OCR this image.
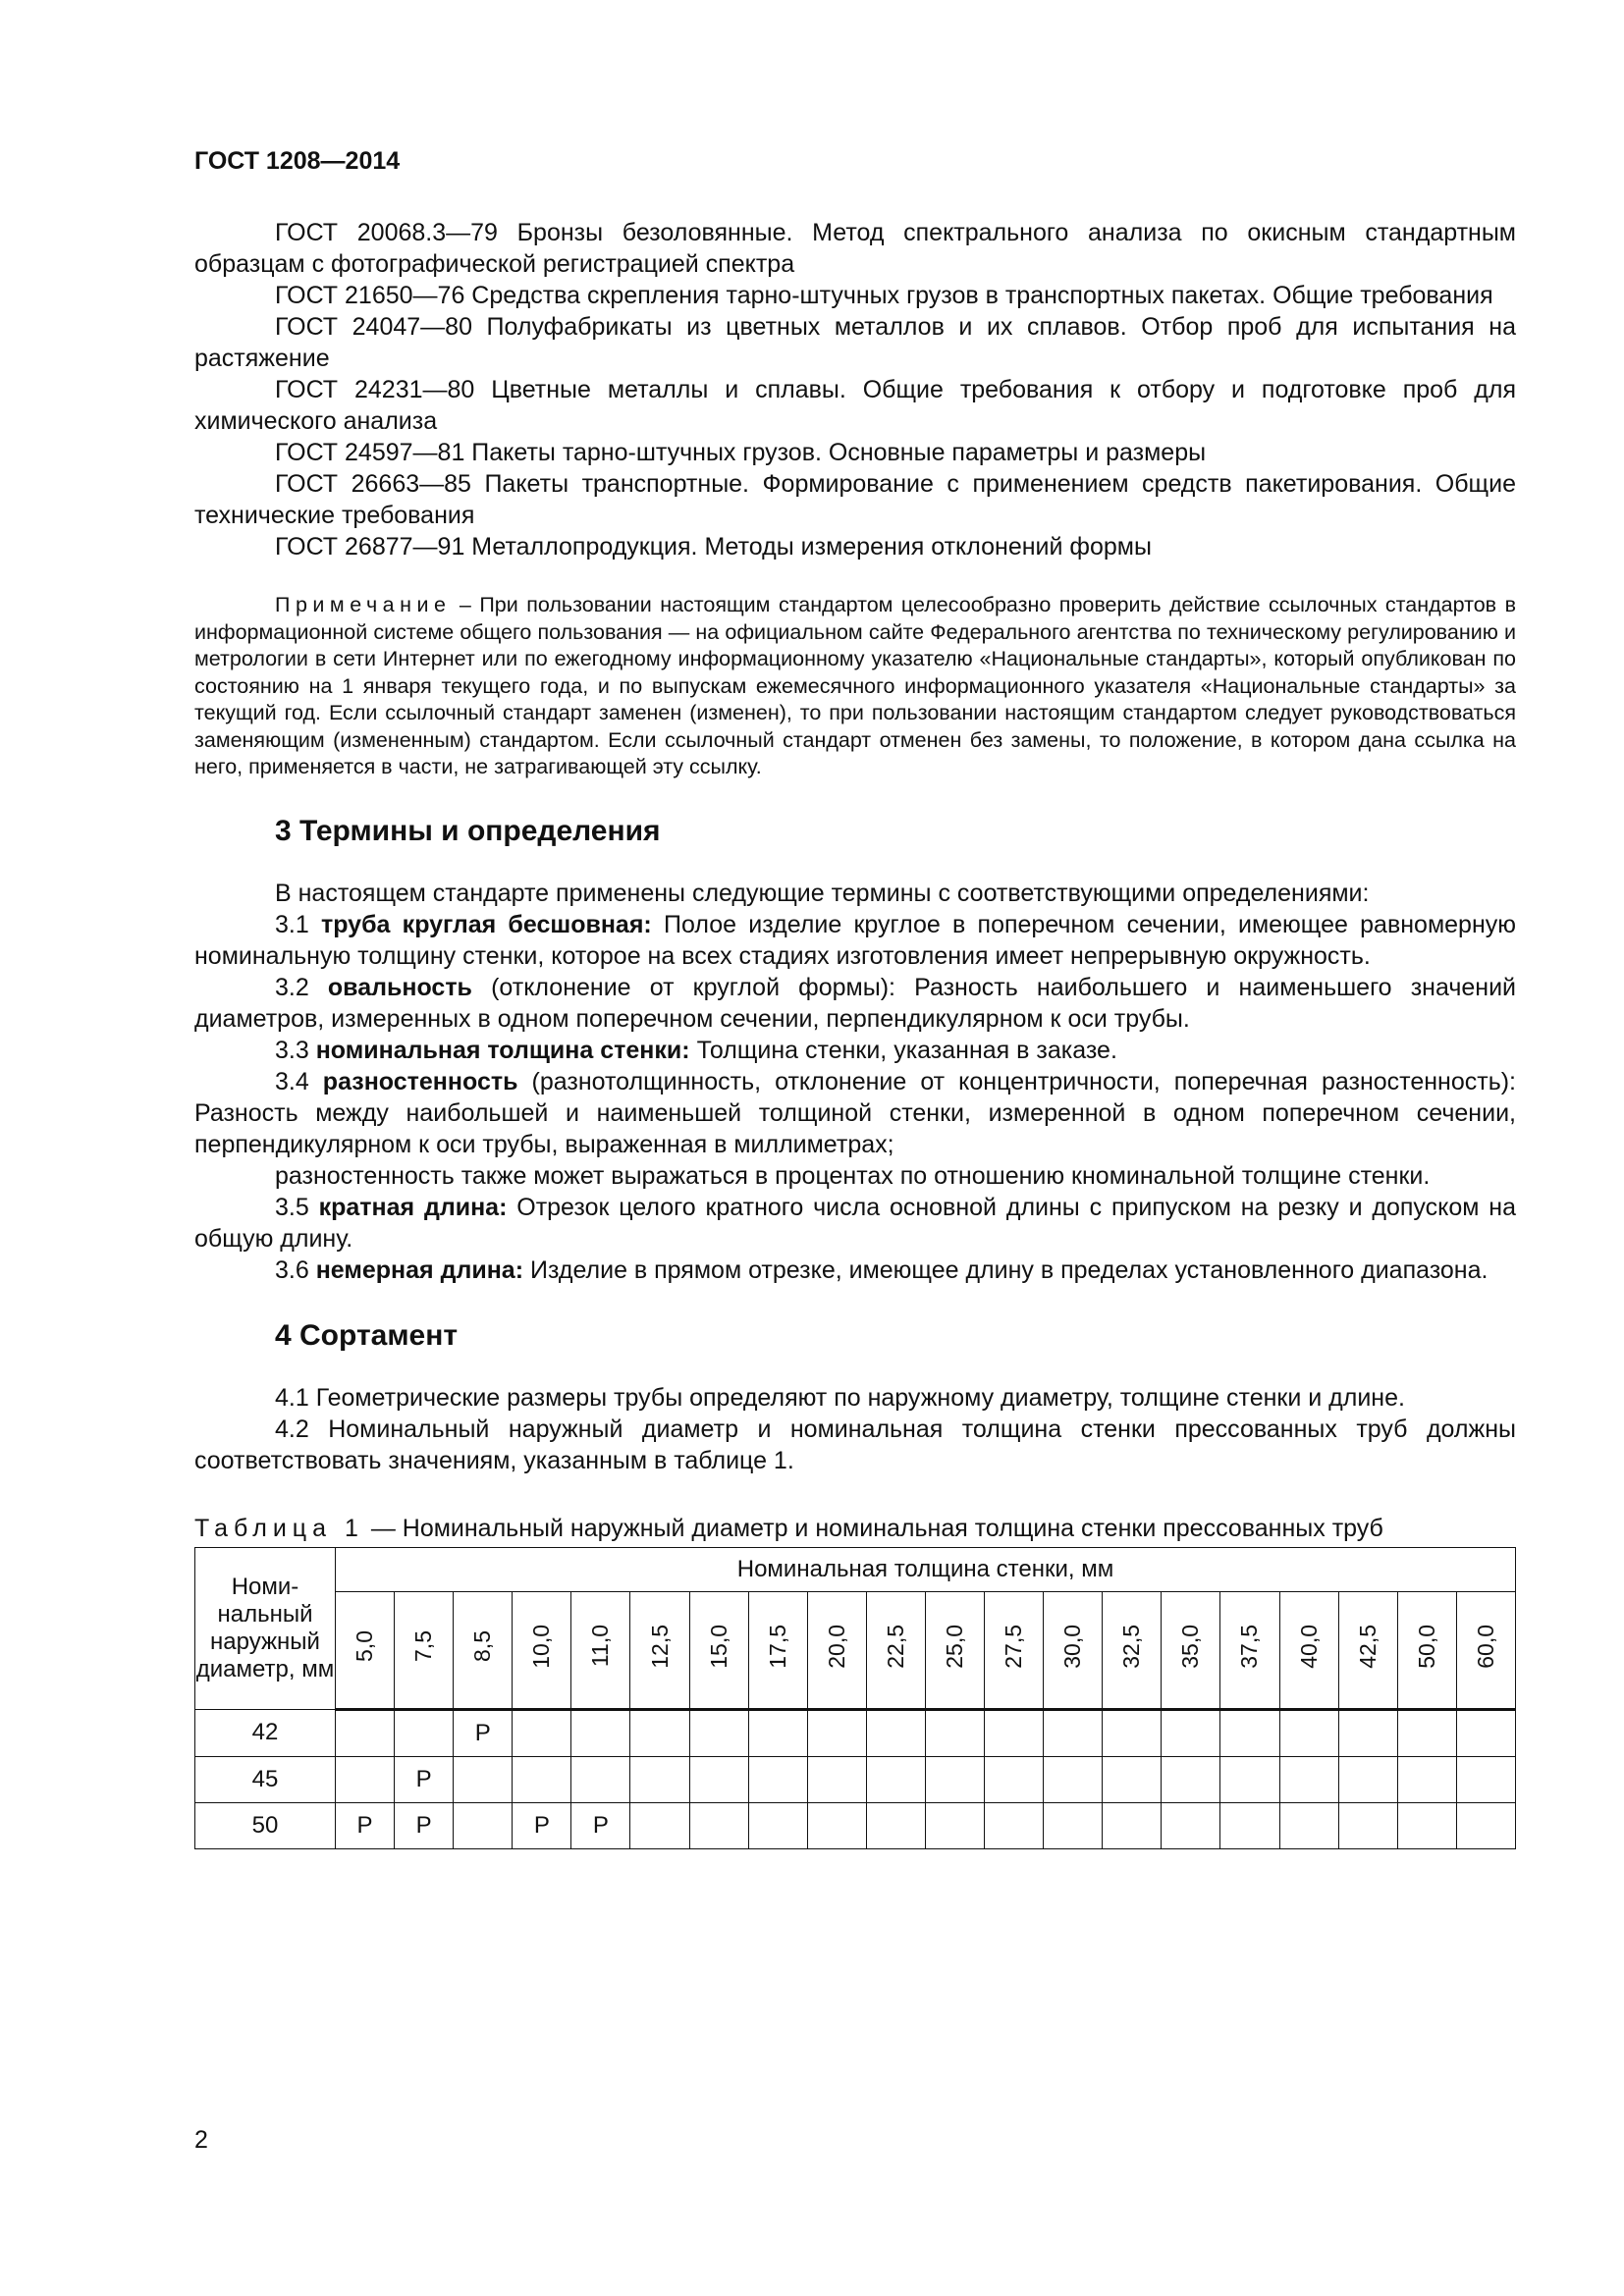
ГОСТ 1208—2014

ГОСТ 20068.3—79 Бронзы безоловянные. Метод спектрального анализа по окисным стандартным образцам с фотографической регистрацией спектра

ГОСТ 21650—76 Средства скрепления тарно-штучных грузов в транспортных пакетах. Общие требования

ГОСТ 24047—80 Полуфабрикаты из цветных металлов и их сплавов. Отбор проб для испытания на растяжение

ГОСТ 24231—80 Цветные металлы и сплавы. Общие требования к отбору и подготовке проб для химического анализа

ГОСТ 24597—81 Пакеты тарно-штучных грузов. Основные параметры и размеры

ГОСТ 26663—85 Пакеты транспортные. Формирование с применением средств пакетирования. Общие технические требования

ГОСТ 26877—91 Металлопродукция. Методы измерения отклонений формы

Примечание – При пользовании настоящим стандартом целесообразно проверить действие ссылочных стандартов в информационной системе общего пользования — на официальном сайте Федерального агентства по техническому регулированию и метрологии в сети Интернет или по ежегодному информационному указателю «Национальные стандарты», который опубликован по состоянию на 1 января текущего года, и по выпускам ежемесячного информационного указателя «Национальные стандарты» за текущий год. Если ссылочный стандарт заменен (изменен), то при пользовании настоящим стандартом следует руководствоваться заменяющим (измененным) стандартом. Если ссылочный стандарт отменен без замены, то положение, в котором дана ссылка на него, применяется в части, не затрагивающей эту ссылку.

3 Термины и определения

В настоящем стандарте применены следующие термины с соответствующими определениями:

3.1 труба круглая бесшовная: Полое изделие круглое в поперечном сечении, имеющее равномерную номинальную толщину стенки, которое на всех стадиях изготовления имеет непрерывную окружность.

3.2 овальность (отклонение от круглой формы): Разность наибольшего и наименьшего значений диаметров, измеренных в одном поперечном сечении, перпендикулярном к оси трубы.

3.3 номинальная толщина стенки: Толщина стенки, указанная в заказе.

3.4 разностенность (разнотолщинность, отклонение от концентричности, поперечная разностенность): Разность между наибольшей и наименьшей толщиной стенки, измеренной в одном поперечном сечении, перпендикулярном к оси трубы, выраженная в миллиметрах;

разностенность также может выражаться в процентах по отношению кноминальной толщине стенки.

3.5 кратная длина: Отрезок целого кратного числа основной длины с припуском на резку и допуском на общую длину.

3.6 немерная длина: Изделие в прямом отрезке, имеющее длину в пределах установленного диапазона.

4 Сортамент

4.1 Геометрические размеры трубы определяют по наружному диаметру, толщине стенки и длине.

4.2 Номинальный наружный диаметр и номинальная толщина стенки прессованных труб должны соответствовать значениям, указанным в таблице 1.

Таблица 1 — Номинальный наружный диаметр и номинальная толщина стенки прессованных труб

Номи-нальный наружный диаметр, мм	Номинальная толщина стенки, мм																			
	5,0	7,5	8,5	10,0	11,0	12,5	15,0	17,5	20,0	22,5	25,0	27,5	30,0	32,5	35,0	37,5	40,0	42,5	50,0	60,0
42			Р																	
45		Р																		
50	Р	Р		Р	Р															
2
